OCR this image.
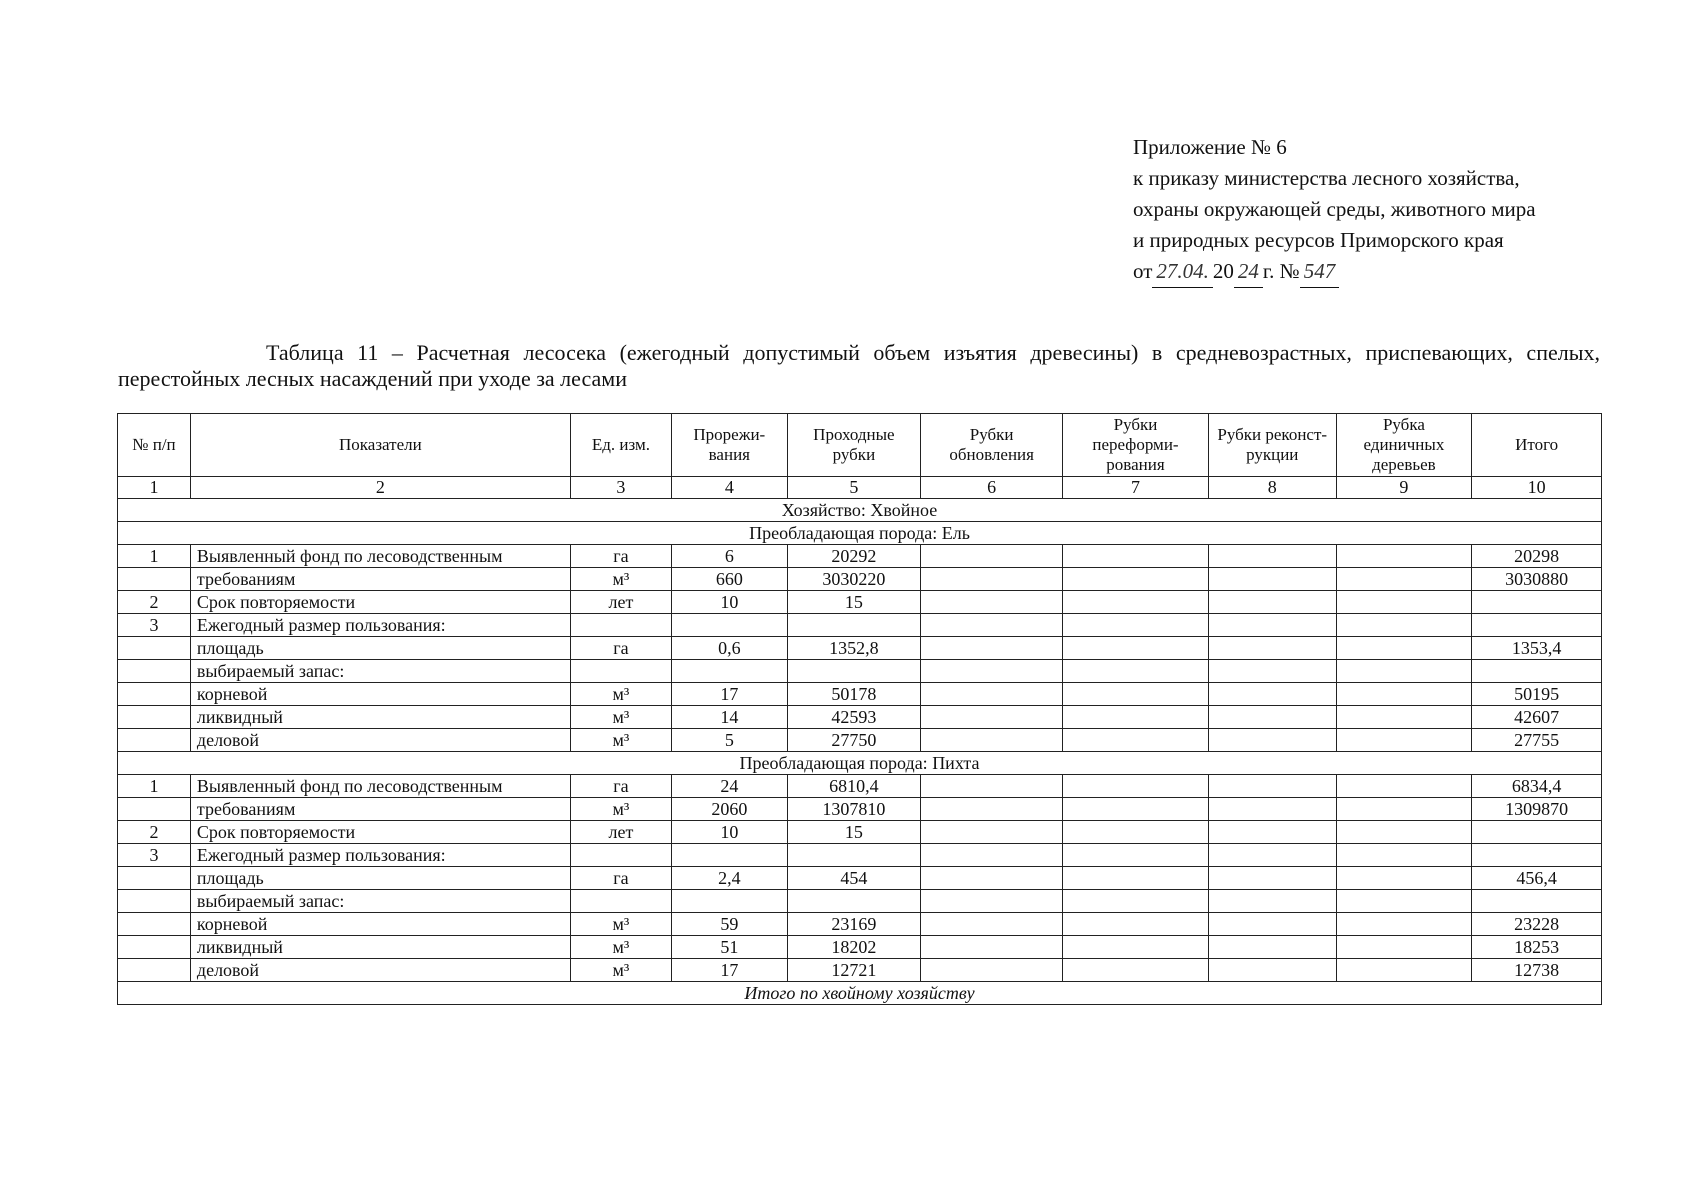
Приложение № 6
к приказу министерства лесного хозяйства,
охраны окружающей среды, животного мира
и природных ресурсов Приморского края
от 27.04. 20 24 г. № 547
Таблица 11 – Расчетная лесосека (ежегодный допустимый объем изъятия древесины) в средневозрастных, приспевающих, спелых, перестойных лесных насаждений при уходе за лесами
№ п/п	Показатели	Ед. изм.	Прорежи-вания	Проходные рубки	Рубки обновления	Рубки переформи-рования	Рубки реконст-рукции	Рубка единичных деревьев	Итого
1	2	3	4	5	6	7	8	9	10
Хозяйство: Хвойное									
Преобладающая порода: Ель									
1	Выявленный фонд по лесоводственным	га	6	20292					20298
	требованиям	м³	660	3030220					3030880
2	Срок повторяемости	лет	10	15					
3	Ежегодный размер пользования:								
	площадь	га	0,6	1352,8					1353,4
	выбираемый запас:								
	корневой	м³	17	50178					50195
	ликвидный	м³	14	42593					42607
	деловой	м³	5	27750					27755
Преобладающая порода: Пихта									
1	Выявленный фонд по лесоводственным	га	24	6810,4					6834,4
	требованиям	м³	2060	1307810					1309870
2	Срок повторяемости	лет	10	15					
3	Ежегодный размер пользования:								
	площадь	га	2,4	454					456,4
	выбираемый запас:								
	корневой	м³	59	23169					23228
	ликвидный	м³	51	18202					18253
	деловой	м³	17	12721					12738
Итого по хвойному хозяйству									
